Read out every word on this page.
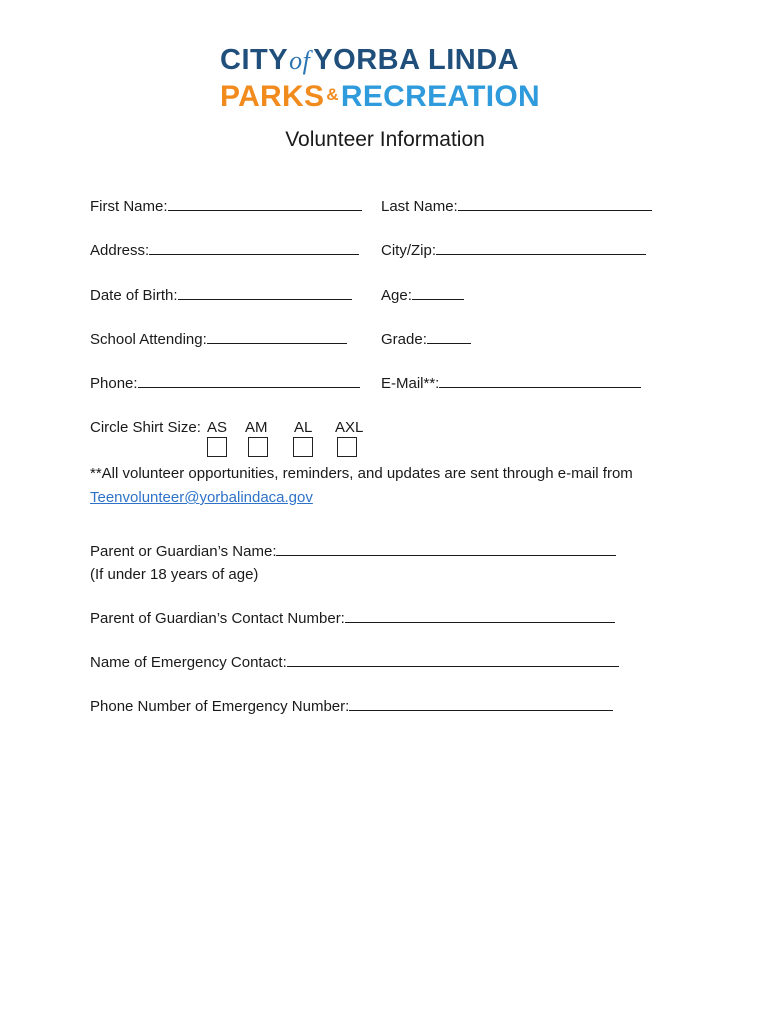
CITYof YORBA LINDA
PARKS &RECREATION
Volunteer Information
First Name:	Last Name:
Address:	City/Zip:
Date of Birth:	Age:
School Attending:	Grade:
Phone:	E-Mail**:
Circle Shirt Size: AS AM AL AXL
**All volunteer opportunities, reminders, and updates are sent through e-mail from Teenvolunteer@yorbalindaca.gov
Parent or Guardian’s Name:
(If under 18 years of age)
Parent of Guardian’s Contact Number:
Name of Emergency Contact:
Phone Number of Emergency Number:
